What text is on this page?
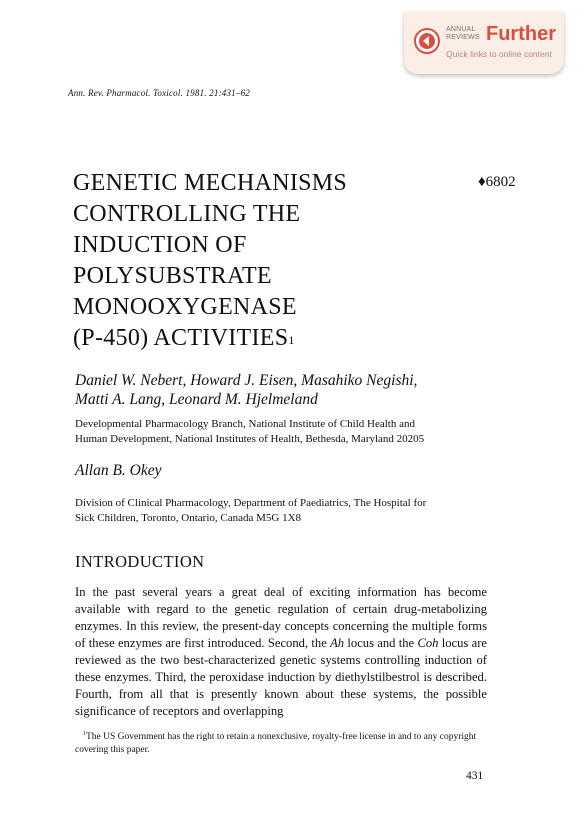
ANNUAL
REVIEWS Further
Quick links to online content
Ann. Rev. Pharmacol. Toxicol. 1981. 21:431–62
GENETIC MECHANISMS
CONTROLLING THE
INDUCTION OF
POLYSUBSTRATE
MONOOXYGENASE
(P-450) ACTIVITIES$^1$
♦6802
Daniel W. Nebert, Howard J. Eisen, Masahiko Negishi,
Matti A. Lang, Leonard M. Hjelmeland
Developmental Pharmacology Branch, National Institute of Child Health and
Human Development, National Institutes of Health, Bethesda, Maryland 20205
Allan B. Okey
Division of Clinical Pharmacology, Department of Paediatrics, The Hospital for
Sick Children, Toronto, Ontario, Canada M5G 1X8
INTRODUCTION

In the past several years a great deal of exciting information has become available with regard to the genetic regulation of certain drug-metabolizing enzymes. In this review, the present-day concepts concerning the multiple forms of these enzymes are first introduced. Second, the Ah locus and the Coh locus are reviewed as the two best-characterized genetic systems controlling induction of these enzymes. Third, the peroxidase induction by diethylstilbestrol is described. Fourth, from all that is presently known about these systems, the possible significance of receptors and overlapping

$^1$The US Government has the right to retain a nonexclusive, royalty-free license in and to any copyright covering this paper.

431
